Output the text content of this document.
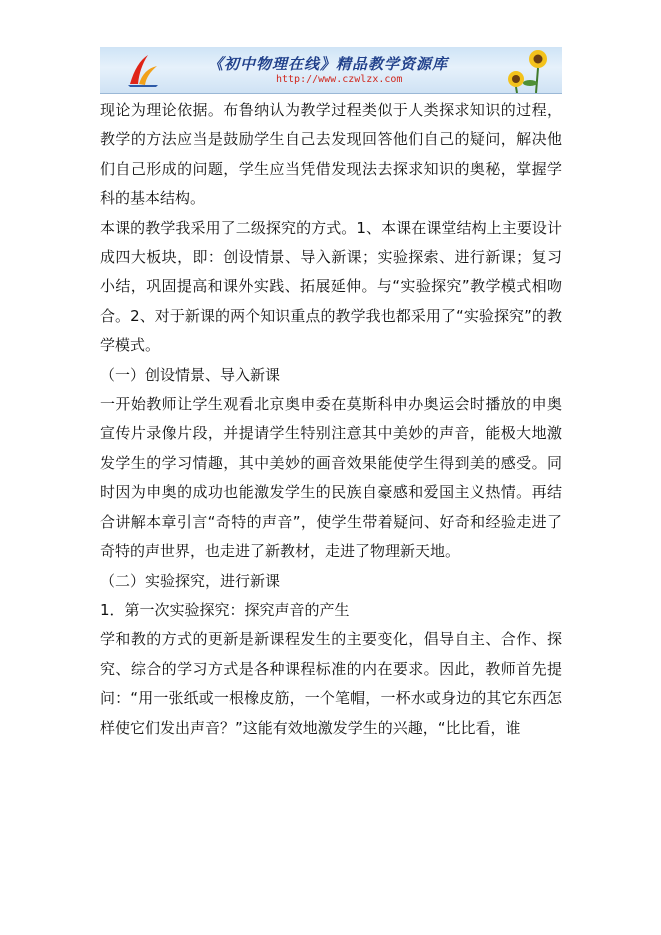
《初中物理在线》精品教学资源库
http://www.czwlzx.com

现论为理论依据。布鲁纳认为教学过程类似于人类探求知识的过程，教学的方法应当是鼓励学生自己去发现回答他们自己的疑问，解决他们自己形成的问题，学生应当凭借发现法去探求知识的奥秘，掌握学科的基本结构。

本课的教学我采用了二级探究的方式。1、本课在课堂结构上主要设计成四大板块，即：创设情景、导入新课；实验探索、进行新课；复习小结，巩固提高和课外实践、拓展延伸。与“实验探究”教学模式相吻合。2、对于新课的两个知识重点的教学我也都采用了“实验探究”的教学模式。

（一）创设情景、导入新课

一开始教师让学生观看北京奥申委在莫斯科申办奥运会时播放的申奥宣传片录像片段，并提请学生特别注意其中美妙的声音，能极大地激发学生的学习情趣，其中美妙的画音效果能使学生得到美的感受。同时因为申奥的成功也能激发学生的民族自豪感和爱国主义热情。再结合讲解本章引言“奇特的声音”，使学生带着疑问、好奇和经验走进了奇特的声世界，也走进了新教材，走进了物理新天地。

（二）实验探究，进行新课

1．第一次实验探究：探究声音的产生

学和教的方式的更新是新课程发生的主要变化，倡导自主、合作、探究、综合的学习方式是各种课程标准的内在要求。因此，教师首先提问：“用一张纸或一根橡皮筋，一个笔帽，一杯水或身边的其它东西怎样使它们发出声音？”这能有效地激发学生的兴趣，“比比看，谁
